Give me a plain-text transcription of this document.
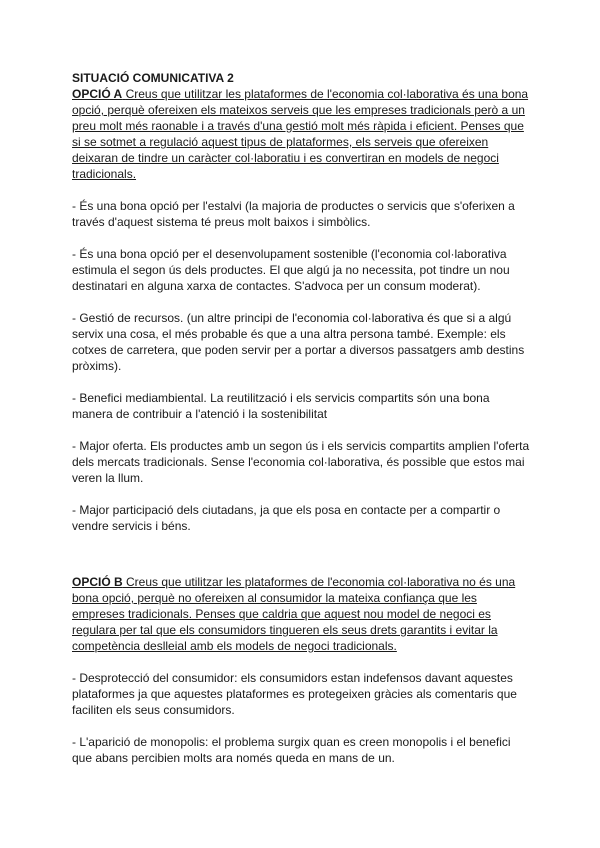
SITUACIÓ COMUNICATIVA 2

OPCIÓ A Creus que utilitzar les plataformes de l'economia col·laborativa és una bona opció, perquè ofereixen els mateixos serveis que les empreses tradicionals però a un preu molt més raonable i a través d'una gestió molt més ràpida i eficient. Penses que si se sotmet a regulació aquest tipus de plataformes, els serveis que ofereixen deixaran de tindre un caràcter col·laboratiu i es convertiran en models de negoci tradicionals.

- És una bona opció per l'estalvi (la majoria de productes o servicis que s'oferixen a través d'aquest sistema té preus molt baixos i simbòlics.

- És una bona opció per el desenvolupament sostenible (l'economia col·laborativa estimula el segon ús dels productes. El que algú ja no necessita, pot tindre un nou destinatari en alguna xarxa de contactes. S'advoca per un consum moderat).

- Gestió de recursos. (un altre principi de l'economia col·laborativa és que si a algú servix una cosa, el més probable és que a una altra persona també. Exemple: els cotxes de carretera, que poden servir per a portar a diversos passatgers amb destins pròxims).

- Benefici mediambiental. La reutilització i els servicis compartits són una bona manera de contribuir a l'atenció i la sostenibilitat

- Major oferta. Els productes amb un segon ús i els servicis compartits amplien l'oferta dels mercats tradicionals. Sense l'economia col·laborativa, és possible que estos mai veren la llum.

- Major participació dels ciutadans, ja que els posa en contacte per a compartir o vendre servicis i béns.

OPCIÓ B Creus que utilitzar les plataformes de l'economia col·laborativa no és una bona opció, perquè no ofereixen al consumidor la mateixa confiança que les empreses tradicionals. Penses que caldria que aquest nou model de negoci es regulara per tal que els consumidors tingueren els seus drets garantits i evitar la competència deslleial amb els models de negoci tradicionals.

- Desprotecció del consumidor: els consumidors estan indefensos davant aquestes plataformes ja que aquestes plataformes es protegeixen gràcies als comentaris que faciliten els seus consumidors.

- L'aparició de monopolis: el problema surgix quan es creen monopolis i el benefici que abans percibien molts ara només queda en mans de un.
